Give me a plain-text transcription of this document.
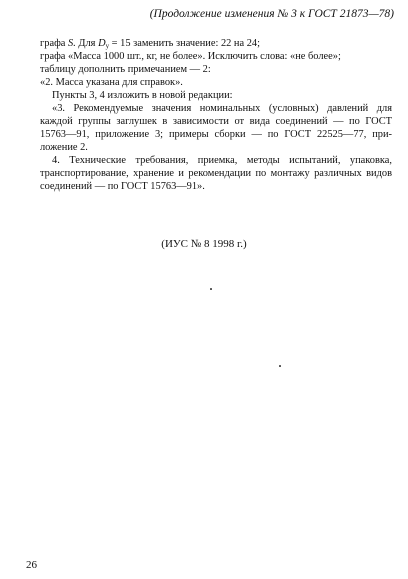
(Продолжение изменения № 3 к ГОСТ 21873—78)
графа S. Для $D_y = 15$ заменить значение: 22 на 24;
графа «Масса 1000 шт., кг, не более». Исключить слова: «не более»;
таблицу дополнить примечанием — 2:
«2. Масса указана для справок».
Пункты 3, 4 изложить в новой редакции:
«3. Рекомендуемые значения номинальных (условных) давлений для
каждой группы заглушек в зависимости от вида соединений — по ГОСТ
15763—91, приложение 3; примеры сборки — по ГОСТ 22525—77, при-
ложение 2.
4. Технические требования, приемка, методы испытаний, упаковка,
транспортирование, хранение и рекомендации по монтажу различных видов
соединений — по ГОСТ 15763—91».
(ИУС № 8 1998 г.)
26
